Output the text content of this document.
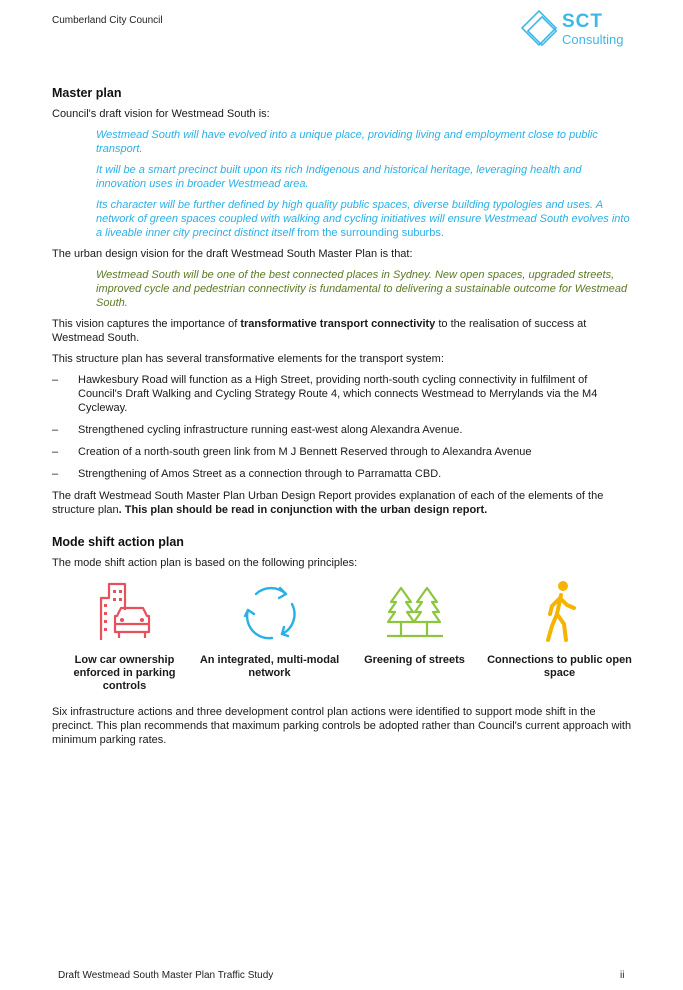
Cumberland City Council	SCT
Consulting
Master plan

Council's draft vision for Westmead South is:

Westmead South will have evolved into a unique place, providing living and employment close to public transport.

It will be a smart precinct built upon its rich Indigenous and historical heritage, leveraging health and innovation uses in broader Westmead area.

Its character will be further defined by high quality public spaces, diverse building typologies and uses. A network of green spaces coupled with walking and cycling initiatives will ensure Westmead South evolves into a liveable inner city precinct distinct itself from the surrounding suburbs.

The urban design vision for the draft Westmead South Master Plan is that:

Westmead South will be one of the best connected places in Sydney. New open spaces, upgraded streets, improved cycle and pedestrian connectivity is fundamental to delivering a sustainable outcome for Westmead South.

This vision captures the importance of transformative transport connectivity to the realisation of success at Westmead South.

This structure plan has several transformative elements for the transport system:

– Hawkesbury Road will function as a High Street, providing north-south cycling connectivity in fulfilment of Council's Draft Walking and Cycling Strategy Route 4, which connects Westmead to Merrylands via the M4 Cycleway.
– Strengthened cycling infrastructure running east-west along Alexandra Avenue.
– Creation of a north-south green link from M J Bennett Reserved through to Alexandra Avenue
– Strengthening of Amos Street as a connection through to Parramatta CBD.

The draft Westmead South Master Plan Urban Design Report provides explanation of each of the elements of the structure plan. This plan should be read in conjunction with the urban design report.

Mode shift action plan

The mode shift action plan is based on the following principles:

Low car ownership enforced in parking controls
An integrated, multi-modal network
Greening of streets	Connections to public open space

Six infrastructure actions and three development control plan actions were identified to support mode shift in the precinct. This plan recommends that maximum parking controls be adopted rather than Council's current approach with minimum parking rates.

Draft Westmead South Master Plan Traffic Study	ii
